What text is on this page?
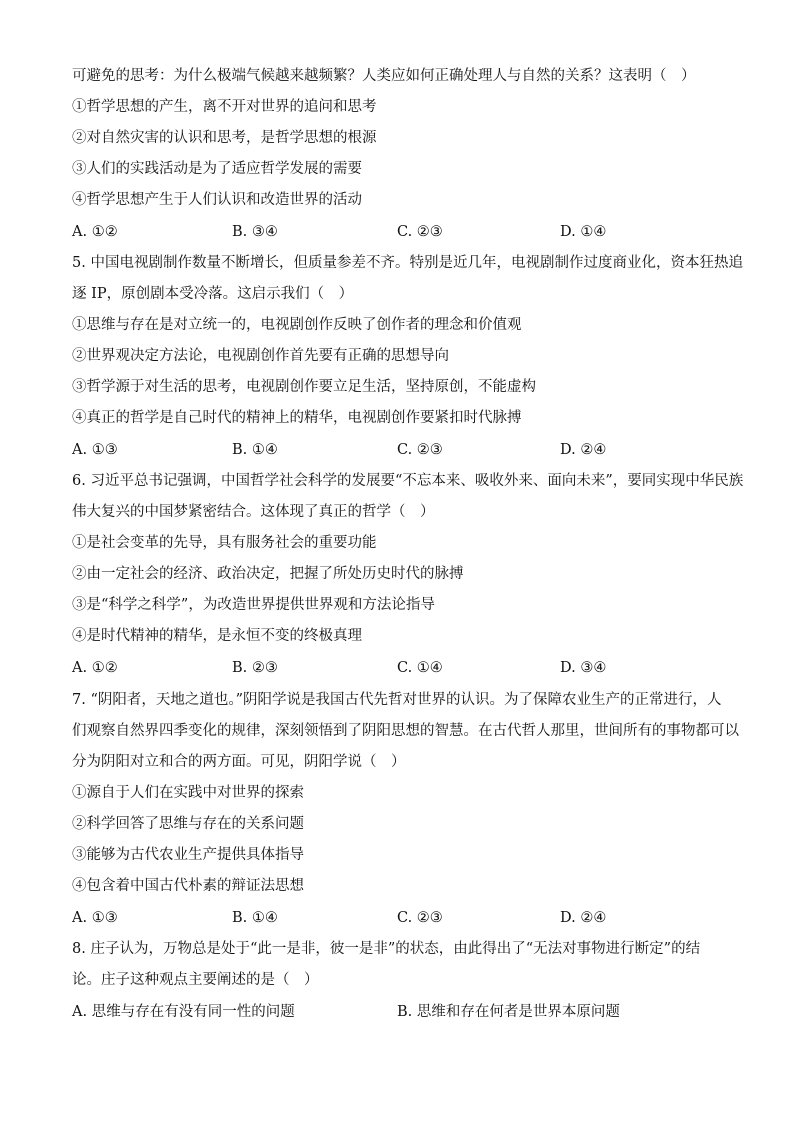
可避免的思考：为什么极端气候越来越频繁？人类应如何正确处理人与自然的关系？这表明（　）
①哲学思想的产生，离不开对世界的追问和思考
②对自然灾害的认识和思考，是哲学思想的根源
③人们的实践活动是为了适应哲学发展的需要
④哲学思想产生于人们认识和改造世界的活动
A. ①②	B. ③④	C. ②③	D. ①④
5. 中国电视剧制作数量不断增长，但质量参差不齐。特别是近几年，电视剧制作过度商业化，资本狂热追
逐 IP，原创剧本受冷落。这启示我们（　）
①思维与存在是对立统一的，电视剧创作反映了创作者的理念和价值观
②世界观决定方法论，电视剧创作首先要有正确的思想导向
③哲学源于对生活的思考，电视剧创作要立足生活，坚持原创，不能虚构
④真正的哲学是自己时代的精神上的精华，电视剧创作要紧扣时代脉搏
A. ①③	B. ①④	C. ②③	D. ②④
6. 习近平总书记强调，中国哲学社会科学的发展要“不忘本来、吸收外来、面向未来”，要同实现中华民族
伟大复兴的中国梦紧密结合。这体现了真正的哲学（　）
①是社会变革的先导，具有服务社会的重要功能
②由一定社会的经济、政治决定，把握了所处历史时代的脉搏
③是“科学之科学”，为改造世界提供世界观和方法论指导
④是时代精神的精华，是永恒不变的终极真理
A. ①②	B. ②③	C. ①④	D. ③④
7. “阴阳者，天地之道也。”阴阳学说是我国古代先哲对世界的认识。为了保障农业生产的正常进行，人
们观察自然界四季变化的规律，深刻领悟到了阴阳思想的智慧。在古代哲人那里，世间所有的事物都可以
分为阴阳对立和合的两方面。可见，阴阳学说（　）
①源自于人们在实践中对世界的探索
②科学回答了思维与存在的关系问题
③能够为古代农业生产提供具体指导
④包含着中国古代朴素的辩证法思想
A. ①③	B. ①④	C. ②③	D. ②④
8. 庄子认为，万物总是处于“此一是非，彼一是非”的状态，由此得出了“无法对事物进行断定”的结
论。庄子这种观点主要阐述的是（　）
A. 思维与存在有没有同一性的问题	B. 思维和存在何者是世界本原问题
